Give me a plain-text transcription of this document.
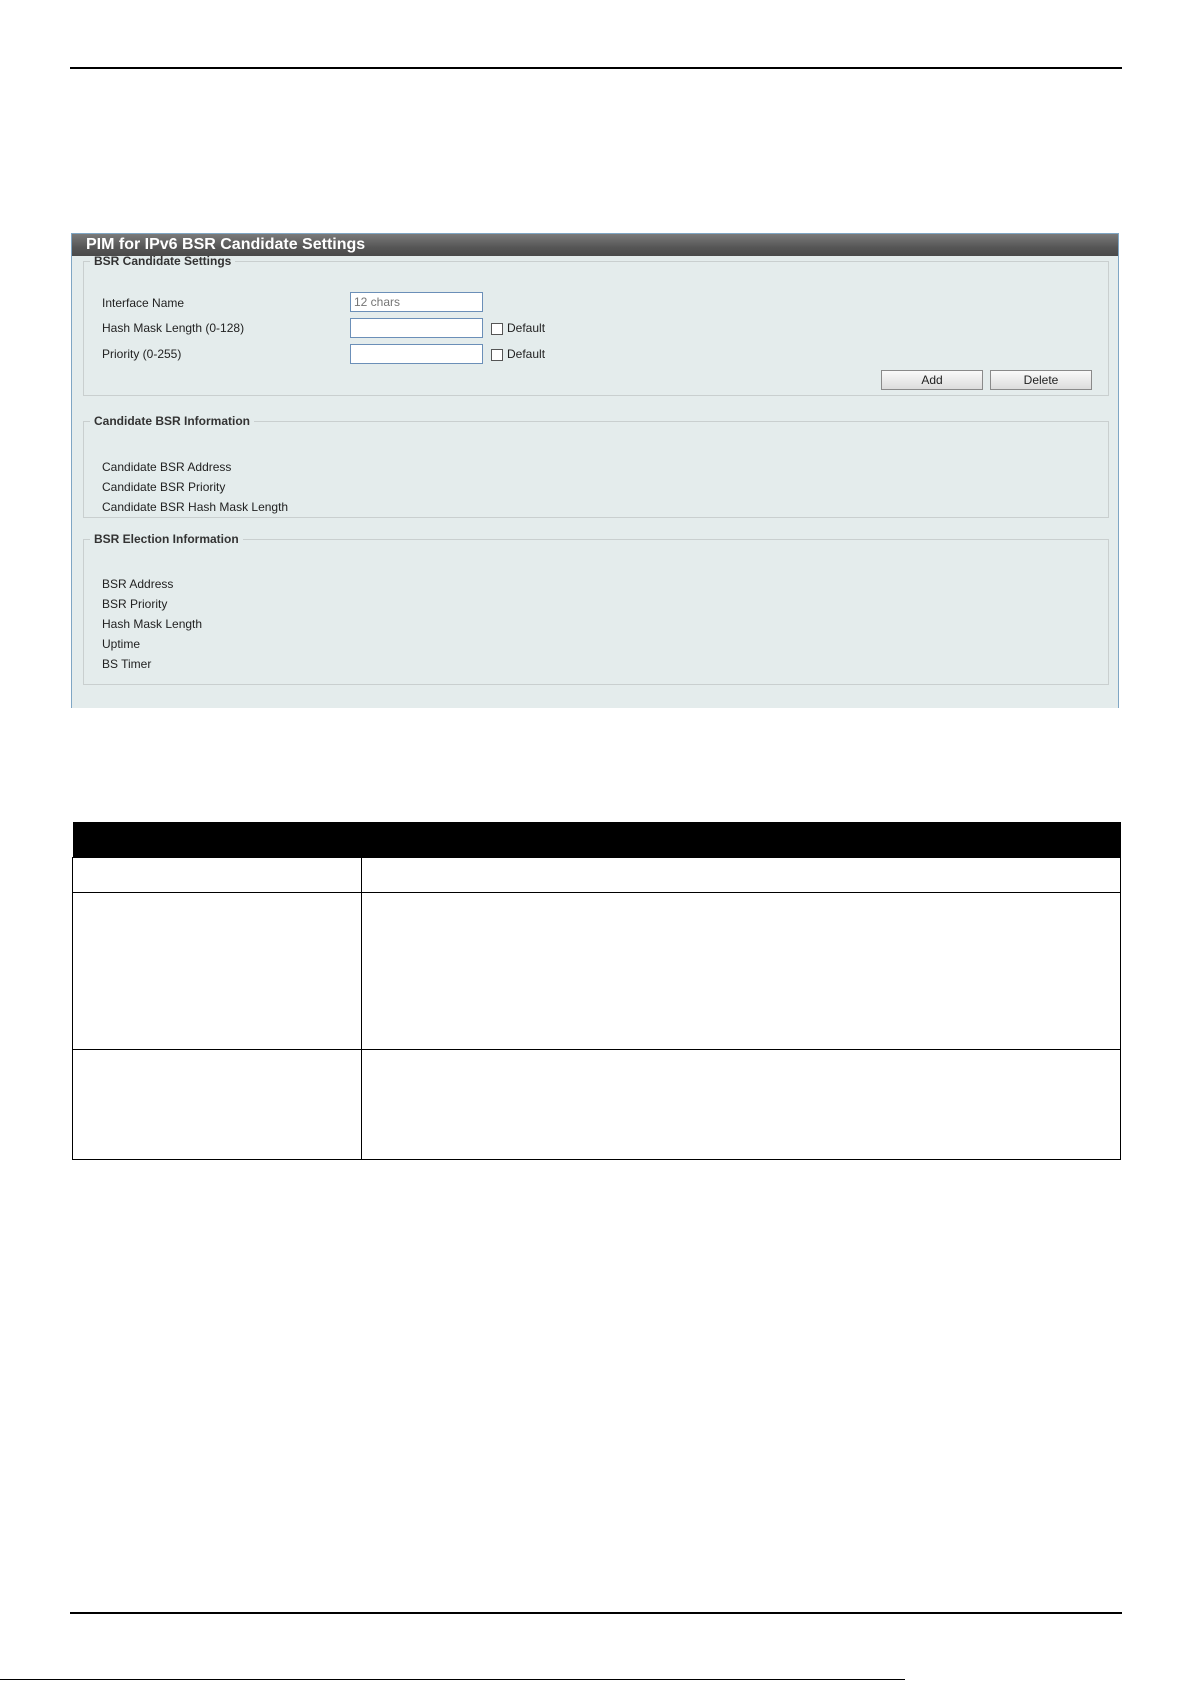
PIM for IPv6 BSR Candidate Settings
BSR Candidate Settings
Interface Name
12 chars
Hash Mask Length (0-128)	Default
Priority (0-255)	Default
Add	Delete
Candidate BSR Information
Candidate BSR Address
Candidate BSR Priority
Candidate BSR Hash Mask Length
BSR Election Information
BSR Address
BSR Priority
Hash Mask Length
Uptime
BS Timer
